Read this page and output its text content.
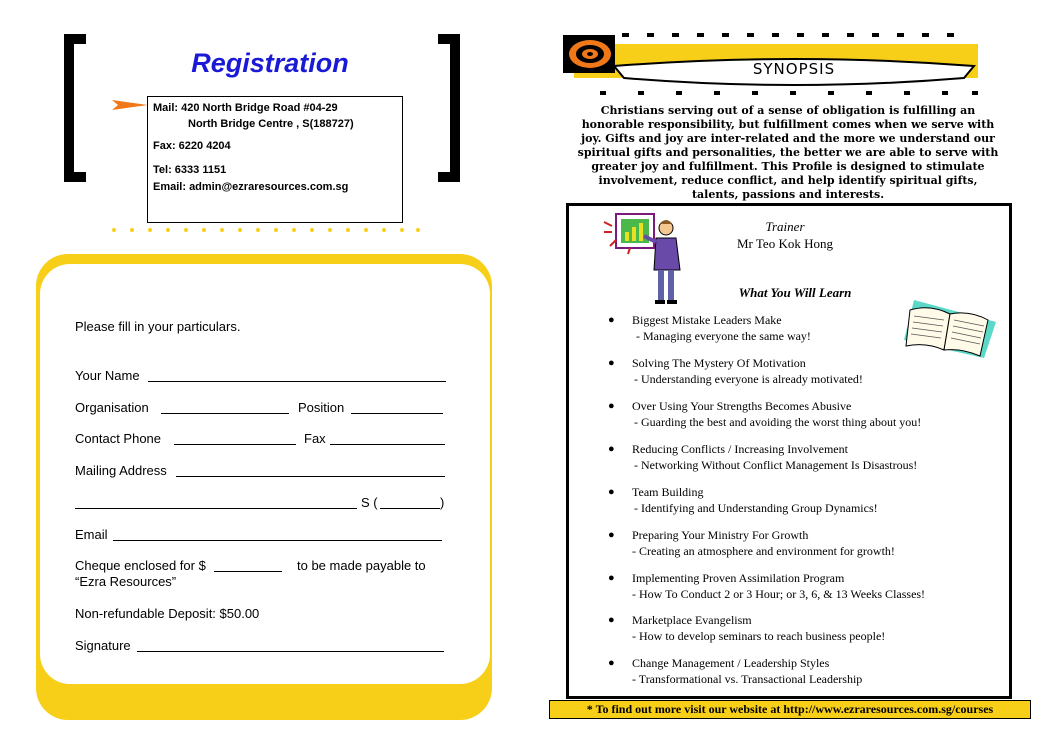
Registration
Mail: 420 North Bridge Road #04-29
North Bridge Centre , S(188727)
Fax: 6220 4204
Tel: 6333 1151
Email: admin@ezraresources.com.sg
Please fill in your particulars.
Your Name
Organisation	Position
Contact Phone	Fax
Mailing Address
S (	)
Email
Cheque enclosed for $	to be made payable to
“Ezra Resources”
Non-refundable Deposit: $50.00
Signature
SYNOPSIS
Christians serving out of a sense of obligation is fulfilling an
honorable responsibility, but fulfillment comes when we serve with
joy. Gifts and joy are inter-related and the more we understand our
spiritual gifts and personalities, the better we are able to serve with
greater joy and fulfillment. This Profile is designed to stimulate
involvement, reduce conflict, and help identify spiritual gifts,
talents, passions and interests.
Trainer
Mr Teo Kok Hong
What You Will Learn
● Biggest Mistake Leaders Make
- Managing everyone the same way!
● Solving The Mystery Of Motivation
- Understanding everyone is already motivated!
● Over Using Your Strengths Becomes Abusive
- Guarding the best and avoiding the worst thing about you!
● Reducing Conflicts / Increasing Involvement
- Networking Without Conflict Management Is Disastrous!
● Team Building
- Identifying and Understanding Group Dynamics!
● Preparing Your Ministry For Growth
- Creating an atmosphere and environment for growth!
● Implementing Proven Assimilation Program
- How To Conduct 2 or 3 Hour; or 3, 6, & 13 Weeks Classes!
● Marketplace Evangelism
- How to develop seminars to reach business people!
● Change Management / Leadership Styles
- Transformational vs. Transactional Leadership
* To find out more visit our website at http://www.ezraresources.com.sg/courses
